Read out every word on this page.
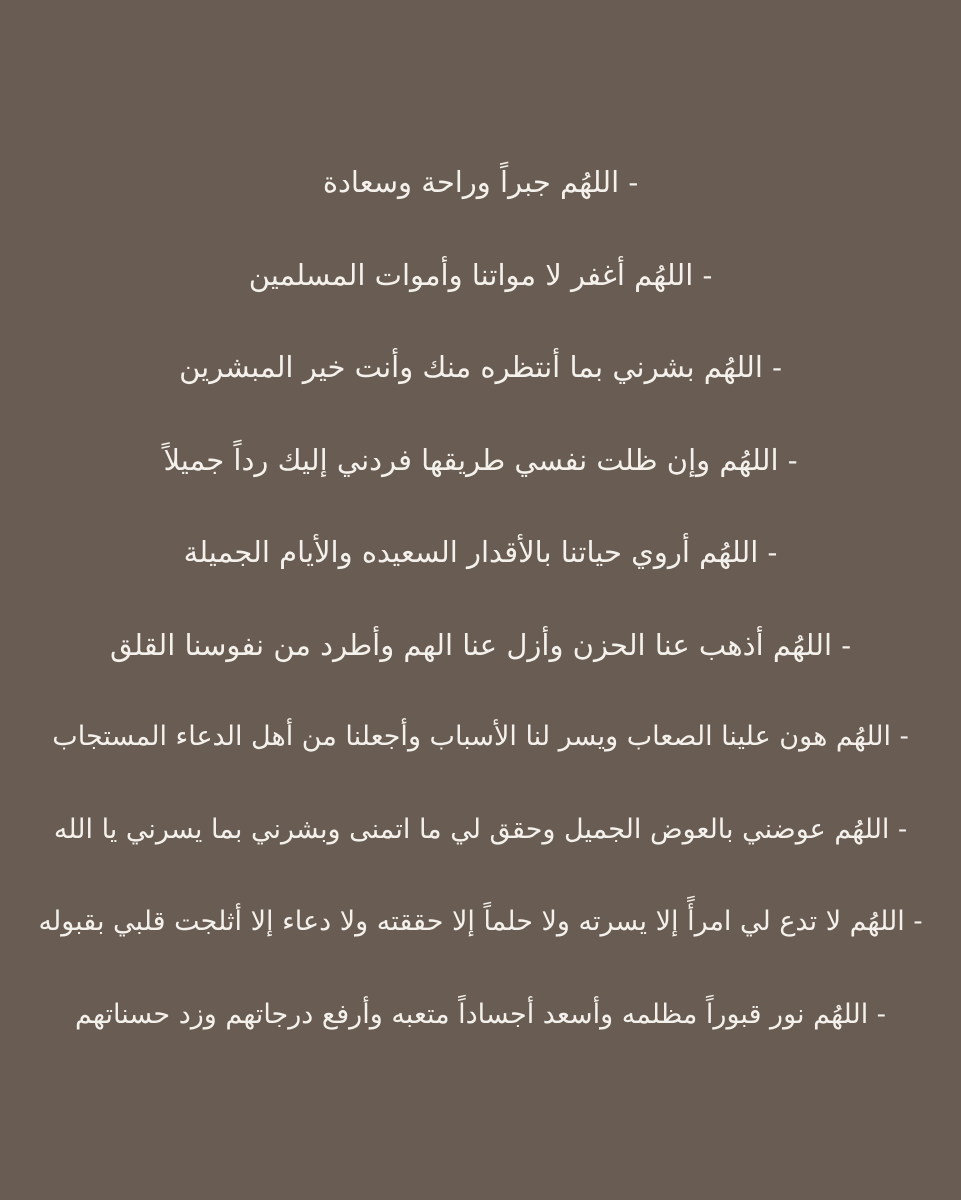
- اللهُم جبراً وراحة وسعادة
- اللهُم أغفر لا مواتنا وأموات المسلمين
- اللهُم بشرني بما أنتظره منك وأنت خير المبشرين
- اللهُم وإن ظلت نفسي طريقها فردني إليك رداً جميلاً
- اللهُم أروي حياتنا بالأقدار السعيده والأيام الجميلة
- اللهُم أذهب عنا الحزن وأزل عنا الهم وأطرد من نفوسنا القلق
- اللهُم هون علينا الصعاب ويسر لنا الأسباب وأجعلنا من أهل الدعاء المستجاب
- اللهُم عوضني بالعوض الجميل وحقق لي ما اتمنى وبشرني بما يسرني يا الله
- اللهُم لا تدع لي امرأً إلا يسرته ولا حلماً إلا حققته ولا دعاء إلا أثلجت قلبي بقبوله
- اللهُم نور قبوراً مظلمه وأسعد أجساداً متعبه وأرفع درجاتهم وزد حسناتهم
